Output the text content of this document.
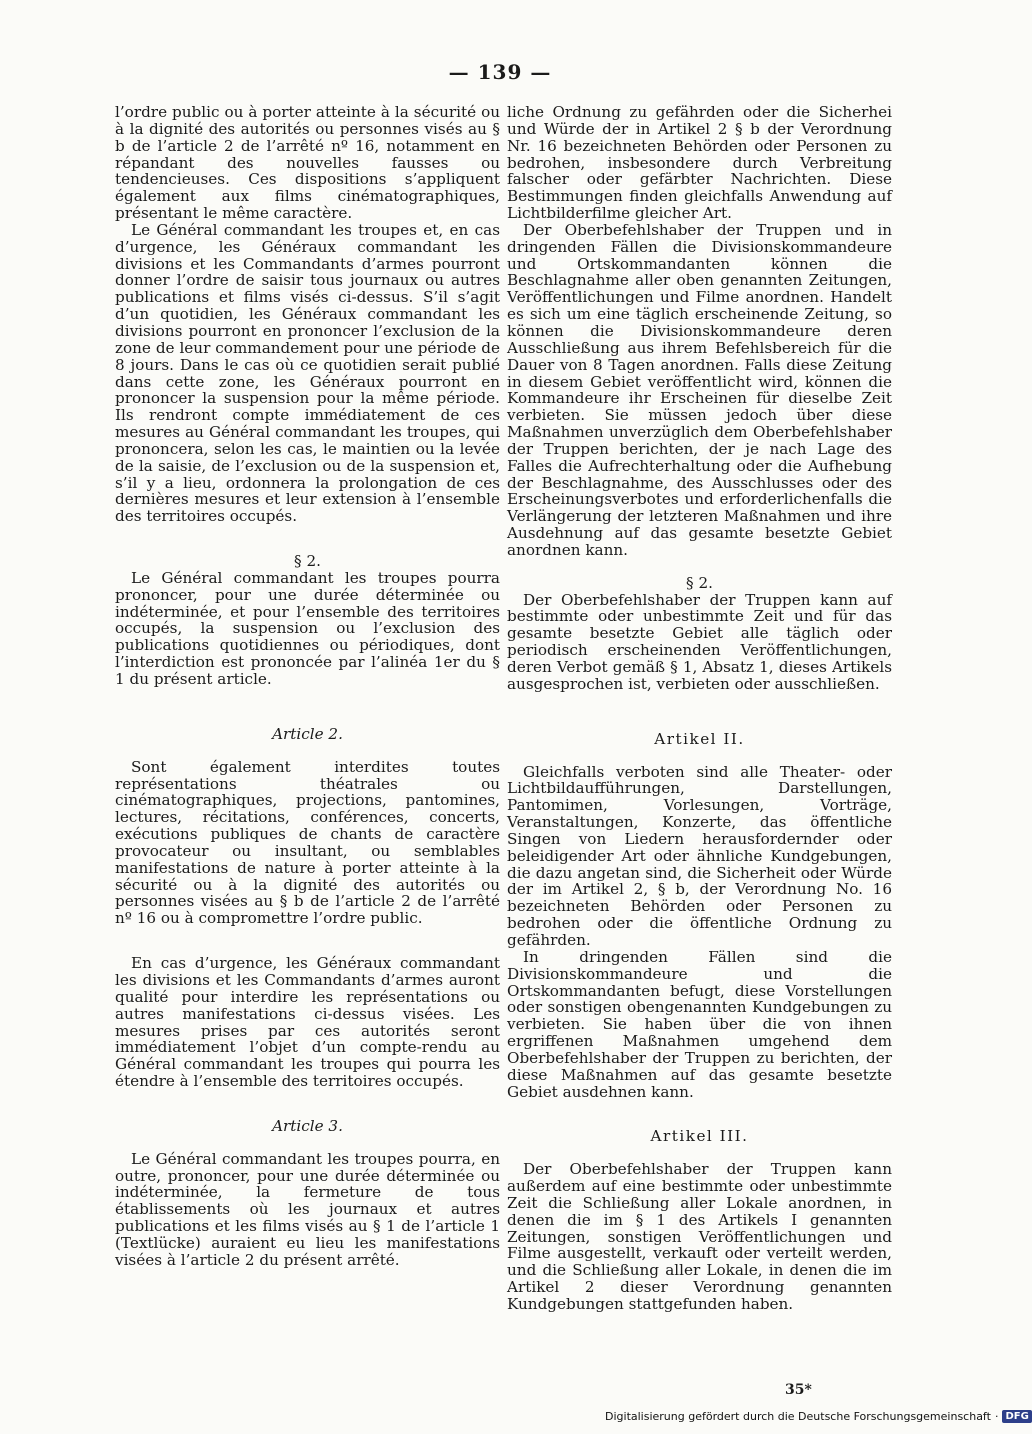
— 139 —

l’ordre public ou à porter atteinte à la sécurité ou à la dignité des autorités ou personnes visés au § b de l’article 2 de l’arrêté nº 16, notamment en répandant des nouvelles fausses ou tendencieuses. Ces dispositions s’appliquent également aux films cinématographiques, présentant le même caractère.

Le Général commandant les troupes et, en cas d’urgence, les Généraux commandant les divisions et les Commandants d’armes pourront donner l’ordre de saisir tous journaux ou autres publications et films visés ci-dessus. S’il s’agit d’un quotidien, les Généraux commandant les divisions pourront en prononcer l’exclusion de la zone de leur commandement pour une période de 8 jours. Dans le cas où ce quotidien serait publié dans cette zone, les Généraux pourront en prononcer la suspension pour la même période. Ils rendront compte immédiatement de ces mesures au Général commandant les troupes, qui prononcera, selon les cas, le maintien ou la levée de la saisie, de l’exclusion ou de la suspension et, s’il y a lieu, ordonnera la prolongation de ces dernières mesures et leur extension à l’ensemble des territoires occupés.

§ 2.

Le Général commandant les troupes pourra prononcer, pour une durée déterminée ou indéterminée, et pour l’ensemble des territoires occupés, la suspension ou l’exclusion des publications quotidiennes ou périodiques, dont l’interdiction est prononcée par l’alinéa 1er du § 1 du présent article.

Article 2.

Sont également interdites toutes représentations théatrales ou cinématographiques, projections, pantomines, lectures, récitations, conférences, concerts, exécutions publiques de chants de caractère provocateur ou insultant, ou semblables manifestations de nature à porter atteinte à la sécurité ou à la dignité des autorités ou personnes visées au § b de l’article 2 de l’arrêté nº 16 ou à compromettre l’ordre public.

En cas d’urgence, les Généraux commandant les divisions et les Commandants d’armes auront qualité pour interdire les représentations ou autres manifestations ci-dessus visées. Les mesures prises par ces autorités seront immédiatement l’objet d’un compte-rendu au Général commandant les troupes qui pourra les étendre à l’ensemble des territoires occupés.

Article 3.

Le Général commandant les troupes pourra, en outre, prononcer, pour une durée déterminée ou indéterminée, la fermeture de tous établissements où les journaux et autres publications et les films visés au § 1 de l’article 1 (Textlücke) auraient eu lieu les manifestations visées à l’article 2 du présent arrêté.

liche Ordnung zu gefährden oder die Sicherhei und Würde der in Artikel 2 § b der Verordnung Nr. 16 bezeichneten Behörden oder Personen zu bedrohen, insbesondere durch Verbreitung falscher oder gefärbter Nachrichten. Diese Bestimmungen finden gleichfalls Anwendung auf Lichtbilderfilme gleicher Art.

Der Oberbefehlshaber der Truppen und in dringenden Fällen die Divisionskommandeure und Ortskommandanten können die Beschlagnahme aller oben genannten Zeitungen, Veröffentlichungen und Filme anordnen. Handelt es sich um eine täglich erscheinende Zeitung, so können die Divisionskommandeure deren Ausschließung aus ihrem Befehlsbereich für die Dauer von 8 Tagen anordnen. Falls diese Zeitung in diesem Gebiet veröffentlicht wird, können die Kommandeure ihr Erscheinen für dieselbe Zeit verbieten. Sie müssen jedoch über diese Maßnahmen unverzüglich dem Oberbefehlshaber der Truppen berichten, der je nach Lage des Falles die Aufrechterhaltung oder die Aufhebung der Beschlagnahme, des Ausschlusses oder des Erscheinungsverbotes und erforderlichenfalls die Verlängerung der letzteren Maßnahmen und ihre Ausdehnung auf das gesamte besetzte Gebiet anordnen kann.

§ 2.

Der Oberbefehlshaber der Truppen kann auf bestimmte oder unbestimmte Zeit und für das gesamte besetzte Gebiet alle täglich oder periodisch erscheinenden Veröffentlichungen, deren Verbot gemäß § 1, Absatz 1, dieses Artikels ausgesprochen ist, verbieten oder ausschließen.

Artikel II.

Gleichfalls verboten sind alle Theater- oder Lichtbildaufführungen, Darstellungen, Pantomimen, Vorlesungen, Vorträge, Veranstaltungen, Konzerte, das öffentliche Singen von Liedern herausfordernder oder beleidigender Art oder ähnliche Kundgebungen, die dazu angetan sind, die Sicherheit oder Würde der im Artikel 2, § b, der Verordnung No. 16 bezeichneten Behörden oder Personen zu bedrohen oder die öffentliche Ordnung zu gefährden.

In dringenden Fällen sind die Divisionskommandeure und die Ortskommandanten befugt, diese Vorstellungen oder sonstigen obengenannten Kundgebungen zu verbieten. Sie haben über die von ihnen ergriffenen Maßnahmen umgehend dem Oberbefehlshaber der Truppen zu berichten, der diese Maßnahmen auf das gesamte besetzte Gebiet ausdehnen kann.

Artikel III.

Der Oberbefehlshaber der Truppen kann außerdem auf eine bestimmte oder unbestimmte Zeit die Schließung aller Lokale anordnen, in denen die im § 1 des Artikels I genannten Zeitungen, sonstigen Veröffentlichungen und Filme ausgestellt, verkauft oder verteilt werden, und die Schließung aller Lokale, in denen die im Artikel 2 dieser Verordnung genannten Kundgebungen stattgefunden haben.

35*
Digitalisierung gefördert durch die Deutsche Forschungsgemeinschaft · DFG
